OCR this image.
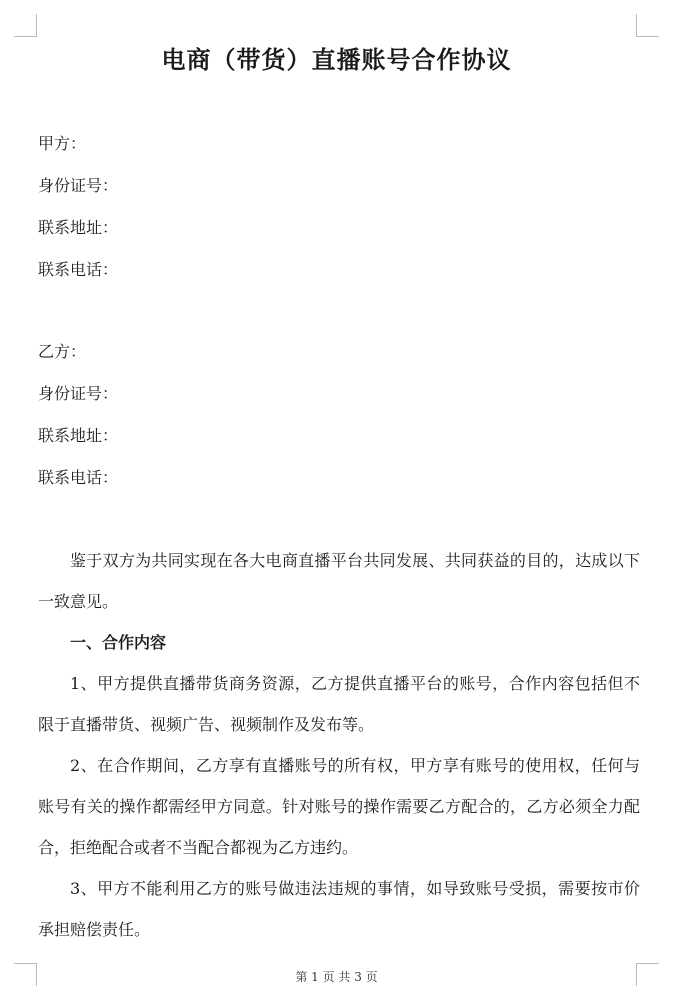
电商（带货）直播账号合作协议

甲方：

身份证号：

联系地址：

联系电话：

乙方：

身份证号：

联系地址：

联系电话：

鉴于双方为共同实现在各大电商直播平台共同发展、共同获益的目的，达成以下一致意见。

一、合作内容

1、甲方提供直播带货商务资源，乙方提供直播平台的账号，合作内容包括但不限于直播带货、视频广告、视频制作及发布等。

2、在合作期间，乙方享有直播账号的所有权，甲方享有账号的使用权，任何与账号有关的操作都需经甲方同意。针对账号的操作需要乙方配合的，乙方必须全力配合，拒绝配合或者不当配合都视为乙方违约。

3、甲方不能利用乙方的账号做违法违规的事情，如导致账号受损，需要按市价承担赔偿责任。

第 1 页 共 3 页
